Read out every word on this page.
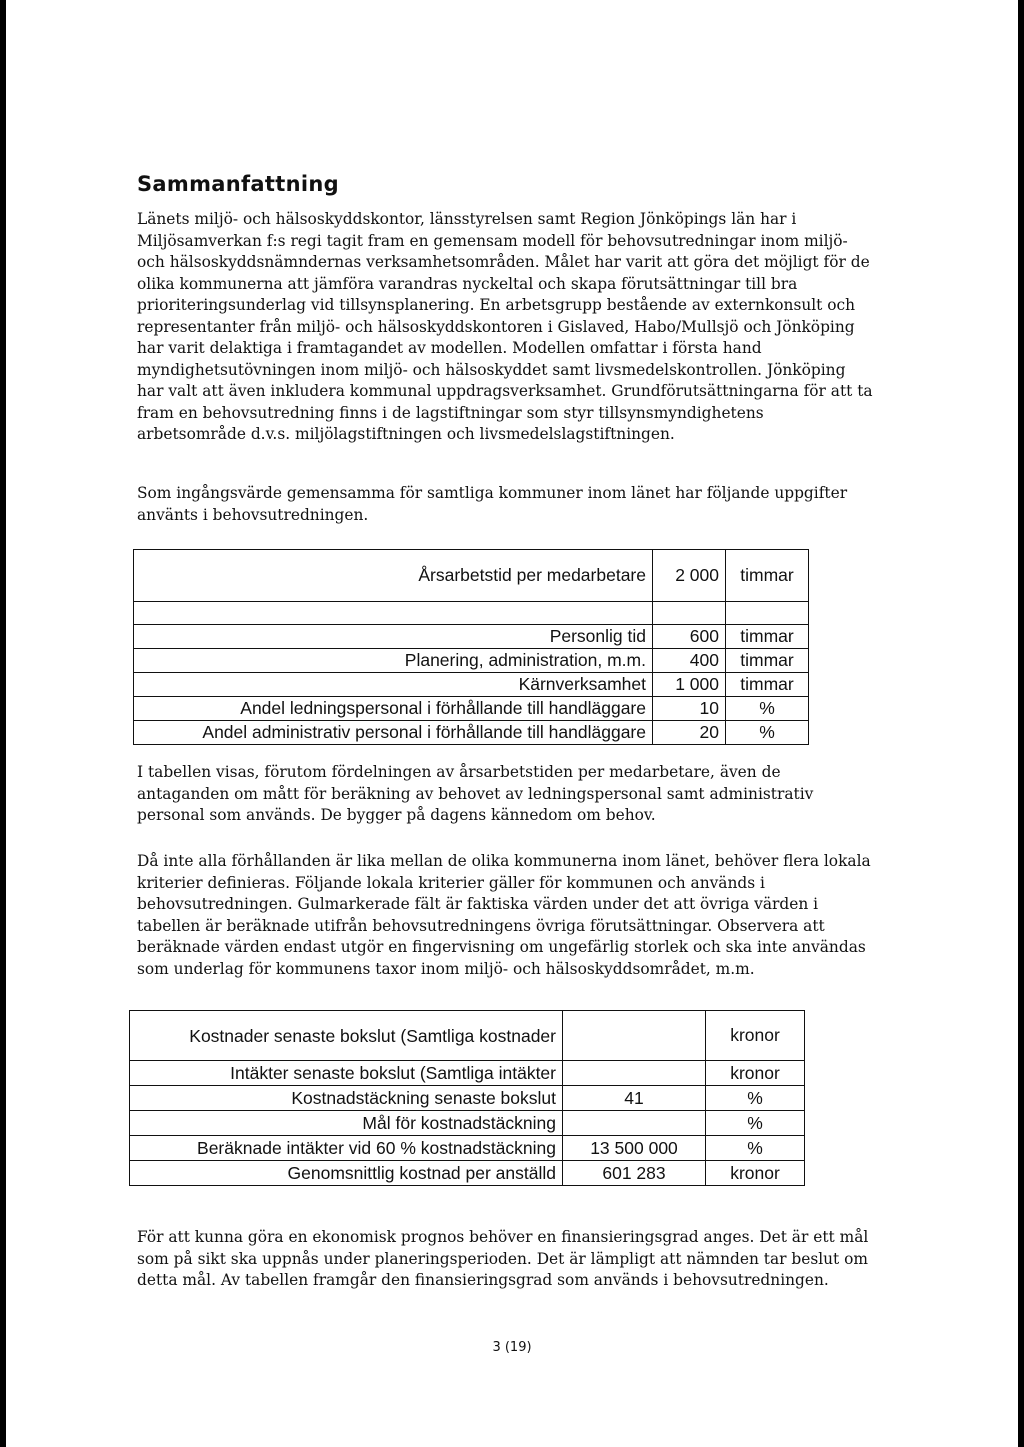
Sammanfattning

Länets miljö- och hälsoskyddskontor, länsstyrelsen samt Region Jönköpings län har i Miljösamverkan f:s regi tagit fram en gemensam modell för behovsutredningar inom miljö- och hälsoskyddsnämndernas verksamhetsområden. Målet har varit att göra det möjligt för de olika kommunerna att jämföra varandras nyckeltal och skapa förutsättningar till bra prioriteringsunderlag vid tillsynsplanering. En arbetsgrupp bestående av externkonsult och representanter från miljö- och hälsoskyddskontoren i Gislaved, Habo/Mullsjö och Jönköping har varit delaktiga i framtagandet av modellen. Modellen omfattar i första hand myndighetsutövningen inom miljö- och hälsoskyddet samt livsmedelskontrollen. Jönköping har valt att även inkludera kommunal uppdragsverksamhet. Grundförutsättningarna för att ta fram en behovsutredning finns i de lagstiftningar som styr tillsynsmyndighetens arbetsområde d.v.s. miljölagstiftningen och livsmedelslagstiftningen.

Som ingångsvärde gemensamma för samtliga kommuner inom länet har följande uppgifter använts i behovsutredningen.

Årsarbetstid per medarbetare	2 000	timmar

Personlig tid	600	timmar
Planering, administration, m.m.	400	timmar
Kärnverksamhet	1 000	timmar
Andel ledningspersonal i förhållande till handläggare	10	%
Andel administrativ personal i förhållande till handläggare	20	%

I tabellen visas, förutom fördelningen av årsarbetstiden per medarbetare, även de antaganden om mått för beräkning av behovet av ledningspersonal samt administrativ personal som används. De bygger på dagens kännedom om behov.

Då inte alla förhållanden är lika mellan de olika kommunerna inom länet, behöver flera lokala kriterier definieras. Följande lokala kriterier gäller för kommunen och används i behovsutredningen. Gulmarkerade fält är faktiska värden under det att övriga värden i tabellen är beräknade utifrån behovsutredningens övriga förutsättningar. Observera att beräknade värden endast utgör en fingervisning om ungefärlig storlek och ska inte användas som underlag för kommunens taxor inom miljö- och hälsoskyddsområdet, m.m.

Kostnader senaste bokslut (Samtliga kostnader		kronor
Intäkter senaste bokslut (Samtliga intäkter		kronor
Kostnadstäckning senaste bokslut	41	%
Mål för kostnadstäckning		%
Beräknade intäkter vid 60 % kostnadstäckning	13 500 000	%
Genomsnittlig kostnad per anställd	601 283	kronor

För att kunna göra en ekonomisk prognos behöver en finansieringsgrad anges. Det är ett mål som på sikt ska uppnås under planeringsperioden. Det är lämpligt att nämnden tar beslut om detta mål. Av tabellen framgår den finansieringsgrad som används i behovsutredningen.

3 (19)
